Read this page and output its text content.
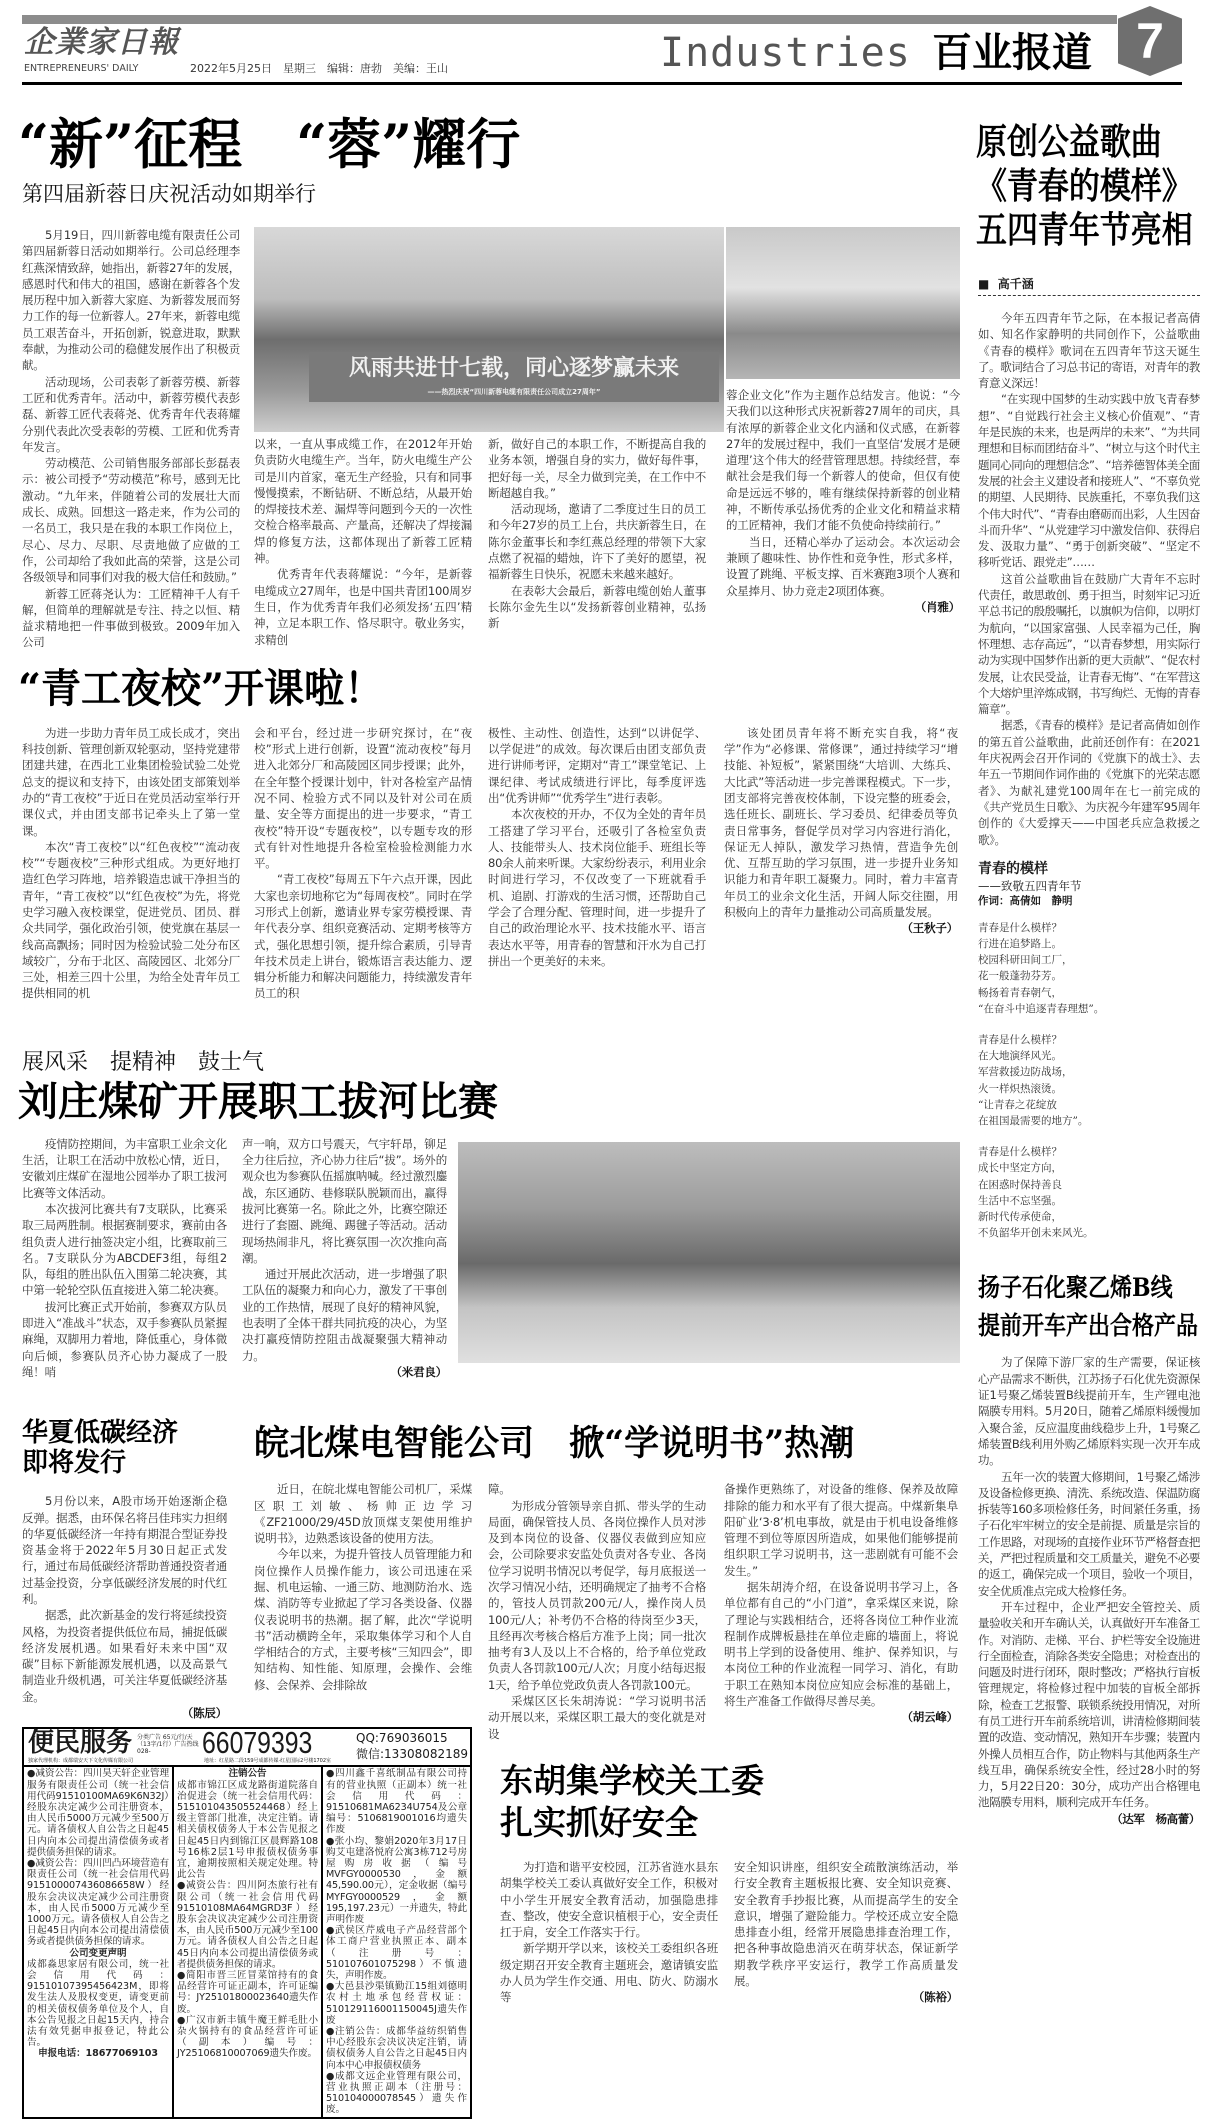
7
企業家日報
ENTREPRENEURS' DAILY	2022年5月25日　星期三　编辑：唐勃　美编：王山	Industries 百业报道
“新”征程　“蓉”耀行
第四届新蓉日庆祝活动如期举行

5月19日，四川新蓉电缆有限责任公司第四届新蓉日活动如期举行。公司总经理李红燕深情致辞，她指出，新蓉27年的发展，感恩时代和伟大的祖国，感谢在新蓉各个发展历程中加入新蓉大家庭、为新蓉发展而努力工作的每一位新蓉人。27年来，新蓉电缆员工艰苦奋斗，开拓创新，锐意进取，默默奉献，为推动公司的稳健发展作出了积极贡献。

活动现场，公司表彰了新蓉劳模、新蓉工匠和优秀青年。活动中，新蓉劳模代表彭磊、新蓉工匠代表蒋尧、优秀青年代表蒋耀分别代表此次受表彰的劳模、工匠和优秀青年发言。

劳动模范、公司销售服务部部长彭磊表示：被公司授予“劳动模范”称号，感到无比激动。“九年来，伴随着公司的发展壮大而成长、成熟。回想这一路走来，作为公司的一名员工，我只是在我的本职工作岗位上，尽心、尽力、尽职、尽责地做了应做的工作，公司却给了我如此高的荣誉，这是公司各级领导和同事们对我的极大信任和鼓励。”

新蓉工匠蒋尧认为：工匠精神千人有千解，但简单的理解就是专注、持之以恒、精益求精地把一件事做到极致。2009年加入公司

风雨共进廿七载，同心逐梦赢未来
——热烈庆祝“四川新蓉电缆有限责任公司成立27周年”

以来，一直从事成缆工作，在2012年开始负责防火电缆生产。当年，防火电缆生产公司是川内首家，毫无生产经验，只有和同事慢慢摸索，不断钻研、不断总结，从最开始的焊接技术差、漏焊等问题到今天的一次性交检合格率最高、产量高，还解决了焊接漏焊的修复方法，这都体现出了新蓉工匠精神。

优秀青年代表蒋耀说：“今年，是新蓉电缆成立27周年，也是中国共青团100周岁生日，作为优秀青年我们必须发扬‘五四’精神，立足本职工作、恪尽职守。敬业务实，求精创

新，做好自己的本职工作，不断提高自我的业务本领，增强自身的实力，做好每件事，把好每一关，尽全力做到完美，在工作中不断超越自我。”

活动现场，邀请了二季度过生日的员工和今年27岁的员工上台，共庆新蓉生日，在陈尔金董事长和李红燕总经理的带领下大家点燃了祝福的蜡烛，许下了美好的愿望，祝福新蓉生日快乐，祝愿未来越来越好。

在表彰大会最后，新蓉电缆创始人董事长陈尔金先生以“发扬新蓉创业精神，弘扬新

蓉企业文化”作为主题作总结发言。他说：“今天我们以这种形式庆祝新蓉27周年的司庆，具有浓厚的新蓉企业文化内涵和仪式感，在新蓉27年的发展过程中，我们一直坚信‘发展才是硬道理’这个伟大的经营管理思想。持续经营，奉献社会是我们每一个新蓉人的使命，但仅有使命是远远不够的，唯有继续保持新蓉的创业精神，不断传承弘扬优秀的企业文化和精益求精的工匠精神，我们才能不负使命持续前行。”

当日，还精心举办了运动会。本次运动会兼顾了趣味性、协作性和竞争性，形式多样，设置了跳绳、平板支撑、百米赛跑3项个人赛和众星捧月、协力竞走2项团体赛。

（肖雅）

“青工夜校”开课啦！

为进一步助力青年员工成长成才，突出科技创新、管理创新双轮驱动，坚持党建带团建共建，在西北工业集团检验试验二处党总支的提议和支持下，由该处团支部策划举办的“青工夜校”于近日在党员活动室举行开课仪式，并由团支部书记牵头上了第一堂课。

本次“青工夜校”以“红色夜校”“流动夜校”“专题夜校”三种形式组成。为更好地打造红色学习阵地，培养锻造忠诚干净担当的青年，“青工夜校”以“红色夜校”为先，将党史学习融入夜校课堂，促进党员、团员、群众共同学，强化政治引领，使党旗在基层一线高高飘扬；同时因为检验试验二处分布区域较广，分布于北区、高陵园区、北郊分厂三处，相差三四十公里，为给全处青年员工提供相同的机

会和平台，经过进一步研究探讨，在“夜校”形式上进行创新，设置“流动夜校”每月进入北郊分厂和高陵园区同步授课；此外，在全年整个授课计划中，针对各检室产品情况不同、检验方式不同以及针对公司在质量、安全等方面提出的进一步要求，“青工夜校”特开设“专题夜校”，以专题专攻的形式有针对性地提升各检室检验检测能力水平。

“青工夜校”每周五下午六点开课，因此大家也亲切地称它为“每周夜校”。同时在学习形式上创新，邀请业界专家劳模授课、青年代表分享、组织竞赛活动、定期考核等方式，强化思想引领，提升综合素质，引导青年技术员走上讲台，锻炼语言表达能力、逻辑分析能力和解决问题能力，持续激发青年员工的积

极性、主动性、创造性，达到“以讲促学、以学促进”的成效。每次课后由团支部负责进行讲师考评，定期对“青工”课堂笔记、上课纪律、考试成绩进行评比，每季度评选出“优秀讲师”“优秀学生”进行表彰。

本次夜校的开办，不仅为全处的青年员工搭建了学习平台，还吸引了各检室负责人、技能带头人、技术岗位能手、班组长等80余人前来听课。大家纷纷表示，利用业余时间进行学习，不仅改变了一下班就看手机、追剧、打游戏的生活习惯，还帮助自己学会了合理分配、管理时间，进一步提升了自己的政治理论水平、技术技能水平、语言表达水平等，用青春的智慧和汗水为自己打拼出一个更美好的未来。

该处团员青年将不断充实自我，将“夜学”作为“必修课、常修课”，通过持续学习“增技能、补短板”，紧紧围绕“大培训、大练兵、大比武”等活动进一步完善课程模式。下一步，团支部将完善夜校体制，下设完整的班委会，选任班长、副班长、学习委员、纪律委员等负责日常事务，督促学员对学习内容进行消化，保证无人掉队，激发学习热情，营造争先创优、互帮互助的学习氛围，进一步提升业务知识能力和青年职工凝聚力。同时，着力丰富青年员工的业余文化生活，开阔人际交往圈，用积极向上的青年力量推动公司高质量发展。

（王秋子）

展风采　提精神　鼓士气
刘庄煤矿开展职工拔河比赛

疫情防控期间，为丰富职工业余文化生活，让职工在活动中放松心情，近日，安徽刘庄煤矿在湿地公园举办了职工拔河比赛等文体活动。

本次拔河比赛共有7支联队，比赛采取三局两胜制。根据赛制要求，赛前由各组负责人进行抽签决定小组，比赛取前三名。7支联队分为ABCDEF3组，每组2队，每组的胜出队伍入围第二轮决赛，其中第一轮轮空队伍直接进入第二轮决赛。

拔河比赛正式开始前，参赛双方队员即进入“准战斗”状态，双手参赛队员紧握麻绳，双脚用力着地，降低重心，身体微向后倾，参赛队员齐心协力凝成了一股绳！哨

声一响，双方口号震天，气宇轩昂，铆足全力往后拉，齐心协力往后“拔”。场外的观众也为参赛队伍摇旗呐喊。经过激烈鏖战，东区通防、巷修联队脱颖而出，赢得拔河比赛第一名。除此之外，比赛空隙还进行了套圈、跳绳、踢毽子等活动。活动现场热闹非凡，将比赛氛围一次次推向高潮。

通过开展此次活动，进一步增强了职工队伍的凝聚力和向心力，激发了干事创业的工作热情，展现了良好的精神风貌，也表明了全体干群共同抗疫的决心，为坚决打赢疫情防控阻击战凝聚强大精神动力。

（米君良）

皖北煤电智能公司　掀“学说明书”热潮
华夏低碳经济
即将发行

5月份以来，A股市场开始逐渐企稳反弹。据悉，由环保名将吕佳玮实力担纲的华夏低碳经济一年持有期混合型证券投资基金将于2022年5月30日起正式发行，通过布局低碳经济帮助普通投资者通过基金投资，分享低碳经济发展的时代红利。

据悉，此次新基金的发行将延续投资风格，为投资者提供低位布局，捕捉低碳经济发展机遇。如果看好未来中国“双碳”目标下新能源发展机遇，以及高景气制造业升级机遇，可关注华夏低碳经济基金。

（陈辰）

近日，在皖北煤电智能公司机厂，采煤区职工刘敏、杨帅正边学习《ZF21000/29/45D放顶煤支架使用维护说明书》，边熟悉该设备的使用方法。

今年以来，为提升管技人员管理能力和岗位操作人员操作能力，该公司迅速在采掘、机电运输、一通三防、地测防治水、选煤、消防等专业掀起了学习各类设备、仪器仪表说明书的热潮。据了解，此次“学说明书”活动横跨全年，采取集体学习和个人自学相结合的方式，主要考核“三知四会”，即知结构、知性能、知原理，会操作、会维修、会保养、会排除故

便民服务
独家代理机构：成都瑞安天下文化传媒有限公司
分类广告 65元/行/天（13字/1行）广告热线028-	66079393
地址：红星路二段159号成都传媒·红星国际2号楼1702室
QQ:769036015
微信:13308082189

●减资公告：四川昊天轩企业管理服务有限责任公司（统一社会信用代码91510100MA69K6N32J）经股东决定减少公司注册资本，由人民币5000万元减少至500万元。请各债权人自公告之日起45日内向本公司提出清偿债务或者提供债务担保的请求。

●减资公告：四川凹凸环境营造有限责任公司（统一社会信用代码915100007436086658W）经股东会决议决定减少公司注册资本，由人民币5000万元减少至1000万元。请各债权人自公告之日起45日内向本公司提出清偿债务或者提供债务担保的请求。

公司变更声明

成都淼思家居有限公司，统一社会信用代码：91510107395456423M，即将发生法人及股权变更，请变更前的相关债权债务单位及个人，自本公告见报之日起15天内，持合法有效凭据申报登记，特此公告。

申报电话：18677069103

注销公告

成都市锦江区成龙路街道院落自治促进会（统一社会信用代码：515101043505524468）经上级主管部门批准，决定注销。请相关债权债务人于本公告见报之日起45日内到锦江区晨辉路108号16栋2层1号申报债权债务事宜，逾期按照相关规定处理。特此公告

●减资公告：四川阿杰旅行社有限公司（统一社会信用代码91510108MA64MGRD3F）经股东会决议决定减少公司注册资本，由人民币500万元减少至100万元。请各债权人自公告之日起45日内向本公司提出清偿债务或者提供债务担保的请求。

●简阳市晋三匠冒菜馆持有的食品经营许可证正副本，许可证编号：JY25101800023640遗失作废。

●广汉市新丰镇牛魔王鲜毛肚小杂火锅持有的食品经营许可证（副本）编号：JY25106810007069遗失作废。

●四川鑫千喜纸制品有限公司持有的营业执照（正副本）统一社会信用代码：91510681MA6234U754及公章编号：5106819001016均遗失作废

●张小均、黎娟2020年3月17日购艾屯建洛悦府公寓3栋712号房屋购房收据（编号MVFGY0000530，金额45,590.00元），定金收据（编号MYFGY0000529，金额195,197.23元）一并遗失，特此声明作废

●武侯区芹威电子产品经营部个体工商户营业执照正本、副本（注册号：510107601075298）不慎遗失，声明作废。

●大邑县沙渠镇勤江15组刘德明农村土地承包经营权证：510129116001150045J遗失作废

●注销公告：成都华益纺织销售中心经股东会决议决定注销，请债权债务人自公告之日起45日内向本中心申报债权债务

●成都文远企业管理有限公司，营业执照正副本（注册号：510104000078545）遗失作废。

障。

为形成分管领导亲自抓、带头学的生动局面，确保管技人员、各岗位操作人员对涉及到本岗位的设备、仪器仪表做到应知应会，公司除要求安监处负责对各专业、各岗位学习说明书情况以考促学，每月底报送一次学习情况小结，还明确规定了抽考不合格的，管技人员罚款200元/人，操作岗人员100元/人；补考仍不合格的待岗至少3天，且经再次考核合格后方准予上岗；同一批次抽考有3人及以上不合格的，给予单位党政负责人各罚款100元/人次；月度小结每迟报1天，给予单位党政负责人各罚款100元。

采煤区区长朱胡涛说：“学习说明书活动开展以来，采煤区职工最大的变化就是对设

备操作更熟练了，对设备的维修、保养及故障排除的能力和水平有了很大提高。中煤新集阜阳矿业‘3·8’机电事故，就是由于机电设备维修管理不到位等原因所造成，如果他们能够提前组织职工学习说明书，这一悲剧就有可能不会发生。”

据朱胡涛介绍，在设备说明书学习上，各单位都有自己的“小门道”，拿采煤区来说，除了理论与实践相结合，还将各岗位工种作业流程制作成牌板悬挂在单位走廊的墙面上，将说明书上学到的设备使用、维护、保养知识，与本岗位工种的作业流程一同学习、消化，有助于职工在熟知本岗位应知应会标准的基础上，将生产准备工作做得尽善尽美。

（胡云峰）

东胡集学校关工委
扎实抓好安全

为打造和谐平安校园，江苏省涟水县东胡集学校关工委认真做好安全工作，积极对中小学生开展安全教育活动，加强隐患排查、整改，使安全意识植根于心，安全责任扛于肩，安全工作落实于行。

新学期开学以来，该校关工委组织各班级定期召开安全教育主题班会，邀请镇安监办人员为学生作交通、用电、防火、防溺水等

安全知识讲座，组织安全疏散演练活动，举行安全教育主题板报比赛、安全知识竞赛、安全教育手抄报比赛，从而提高学生的安全意识，增强了避险能力。学校还成立安全隐患排查小组，经常开展隐患排查治理工作，把各种事故隐患消灭在萌芽状态，保证新学期教学秩序平安运行，教学工作高质量发展。

（陈裕）

原创公益歌曲
《青春的模样》
五四青年节亮相
■ 高千涵

今年五四青年节之际，在本报记者高倩如、知名作家静明的共同创作下，公益歌曲《青春的模样》歌词在五四青年节这天诞生了。歌词结合了习总书记的寄语，对青年的教育意义深远！

“在实现中国梦的生动实践中放飞青春梦想”、“自觉践行社会主义核心价值观”、“青年是民族的未来，也是两岸的未来”、“为共同理想和目标而团结奋斗”、“树立与这个时代主题同心同向的理想信念”、“培养德智体美全面发展的社会主义建设者和接班人”、“不辜负党的期望、人民期待、民族重托，不辜负我们这个伟大时代”、“青春由磨砺而出彩，人生因奋斗而升华”、“从党建学习中激发信仰、获得启发、汲取力量”、“勇于创新突破”、“坚定不移听党话、跟党走”……

这首公益歌曲旨在鼓励广大青年不忘时代责任，敢思敢创、勇于担当，时刻牢记习近平总书记的殷殷嘱托，以旗帜为信仰，以明灯为航向，“以国家富强、人民幸福为己任，胸怀理想、志存高远”，“以青春梦想，用实际行动为实现中国梦作出新的更大贡献”、“促农村发展，让农民受益，让青春无悔”、“在军营这个大熔炉里淬炼成钢，书写绚烂、无悔的青春篇章”。

据悉，《青春的模样》是记者高倩如创作的第五首公益歌曲，此前还创作有：在2021年庆祝两会召开作词的《党旗下的战士》、去年五一节期间作词作曲的《党旗下的光荣志愿者》、为献礼建党100周年在七一前完成的《共产党员生日歌》、为庆祝今年建军95周年创作的《大爱撑天——中国老兵应急救援之歌》。

青春的模样
——致敬五四青年节
作词：高倩如　静明

青春是什么模样？

行进在追梦路上。

校园科研田间工厂，

花一般蓬勃芬芳。

畅扬着青春朝气，

“在奋斗中追逐青春理想”。

青春是什么模样？

在大地演绎风光。

军营救援边防战场，

火一样炽热滚烫。

“让青春之花绽放

在祖国最需要的地方”。

青春是什么模样？

成长中坚定方向，

在困惑时保持善良

生活中不忘坚强。

新时代传承使命，

不负韶华开创未来风光。

扬子石化聚乙烯B线
提前开车产出合格产品

为了保障下游厂家的生产需要，保证核心产品需求不断供，江苏扬子石化优先资源保证1号聚乙烯装置B线提前开车，生产锂电池隔膜专用料。5月20日，随着乙烯原料缓慢加入聚合釜，反应温度曲线稳步上升，1号聚乙烯装置B线利用外购乙烯原料实现一次开车成功。

五年一次的装置大修期间，1号聚乙烯涉及设备检修更换、清洗、系统改造、保温防腐拆装等160多项检修任务，时间紧任务重，扬子石化牢牢树立的安全是前提、质量是宗旨的工作思路，对现场的直接作业环节严格督查把关，严把过程质量和交工质量关，避免不必要的返工，确保完成一个项目，验收一个项目，安全优质准点完成大检修任务。

开车过程中，企业严把安全管控关、质量验收关和开车确认关，认真做好开车准备工作。对消防、走梯、平台、护栏等安全设施进行全面检查，消除各类安全隐患；对检查出的问题及时进行闭环，限时整改；严格执行盲板管理规定，将检修过程中加装的盲板全部拆除，检查工艺报警、联锁系统投用情况，对所有员工进行开车前系统培训，讲清检修期间装置的改造、变动情况，熟知开车步骤；装置内外操人员相互合作，防止物料与其他两条生产线互串，确保系统安全性，经过28小时的努力，5月22日20：30分，成功产出合格锂电池隔膜专用料，顺利完成开车任务。

（达军　杨高蕾）
